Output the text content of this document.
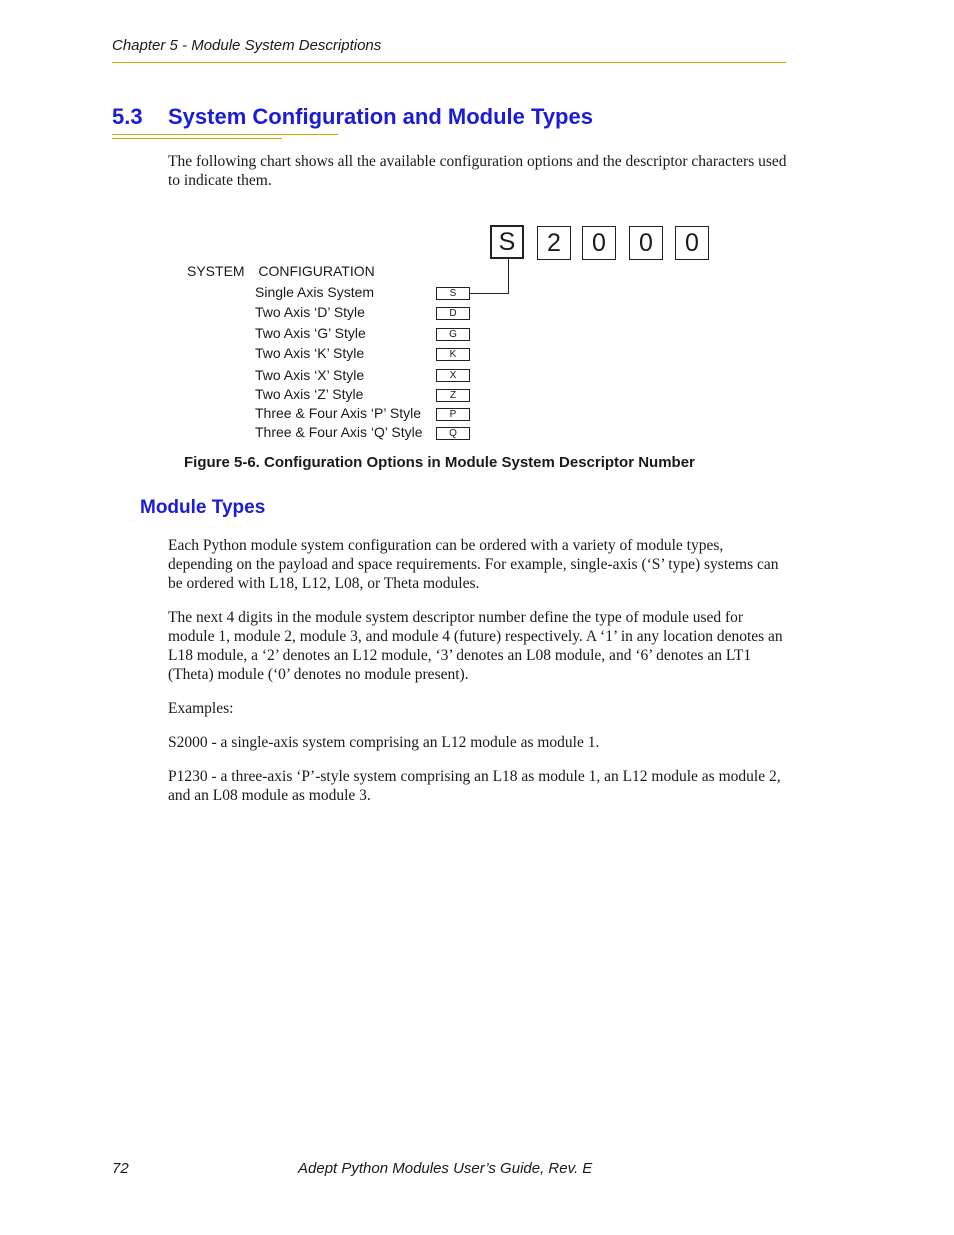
Chapter 5 - Module System Descriptions
5.3 System Configuration and Module Types
The following chart shows all the available configuration options and the descriptor characters used to indicate them.
S	2	0	0	0
SYSTEM  CONFIGURATION
Single Axis System	S
Two Axis ‘D’ Style	D
Two Axis ‘G’ Style	G
Two Axis ‘K’ Style	K
Two Axis ‘X’ Style	X
Two Axis ‘Z’ Style	Z
Three & Four Axis ‘P’ Style	P
Three & Four Axis ‘Q’ Style	Q
Figure 5-6. Configuration Options in Module System Descriptor Number
Module Types
Each Python module system configuration can be ordered with a variety of module types, depending on the payload and space requirements. For example, single-axis (‘S’ type) systems can be ordered with L18, L12, L08, or Theta modules.
The next 4 digits in the module system descriptor number define the type of module used for module 1, module 2, module 3, and module 4 (future) respectively. A ‘1’ in any location denotes an L18 module, a ‘2’ denotes an L12 module, ‘3’ denotes an L08 module, and ‘6’ denotes an LT1 (Theta) module (‘0’ denotes no module present).
Examples:
S2000 - a single-axis system comprising an L12 module as module 1.
P1230 - a three-axis ‘P’-style system comprising an L18 as module 1, an L12 module as module 2, and an L08 module as module 3.
72	Adept Python Modules User’s Guide, Rev. E
